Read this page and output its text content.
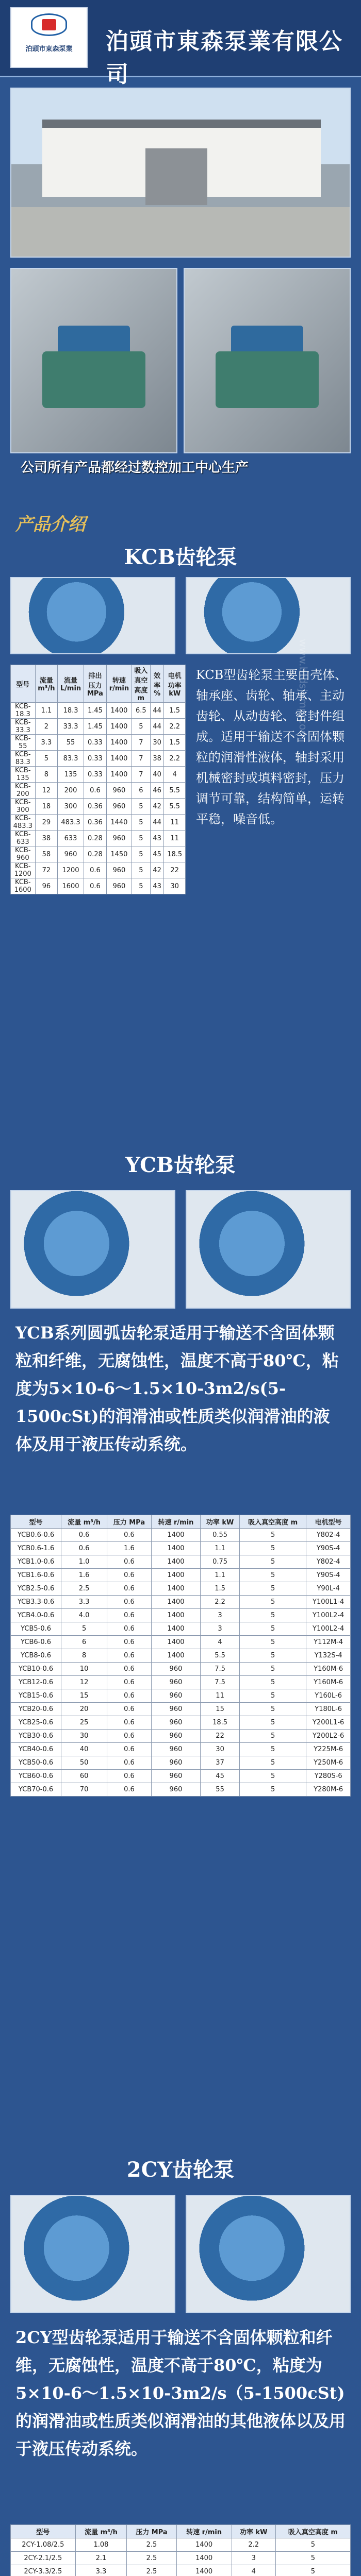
泊頭市東森泵業	泊頭市東森泵業有限公司
公司所有产品都经过数控加工中心生产
产品介绍
KCB齿轮泵
型号	流量 m³/h	流量 L/min	排出压力 MPa	转速 r/min	吸入真空高度 m	效率 %	电机功率 kW
KCB-18.3	1.1	18.3	1.45	1400	6.5	44	1.5
KCB-33.3	2	33.3	1.45	1400	5	44	2.2
KCB-55	3.3	55	0.33	1400	7	30	1.5
KCB-83.3	5	83.3	0.33	1400	7	38	2.2
KCB-135	8	135	0.33	1400	7	40	4
KCB-200	12	200	0.6	960	6	46	5.5
KCB-300	18	300	0.36	960	5	42	5.5
KCB-483.3	29	483.3	0.36	1440	5	44	11
KCB-633	38	633	0.28	960	5	43	11
KCB-960	58	960	0.28	1450	5	45	18.5
KCB-1200	72	1200	0.6	960	5	42	22
KCB-1600	96	1600	0.6	960	5	43	30
KCB型齿轮泵主要由壳体、轴承座、齿轮、轴承、主动齿轮、从动齿轮、密封件组成。适用于输送不含固体颗粒的润滑性液体，轴封采用机械密封或填料密封，压力调节可靠，结构简单，运转平稳，噪音低。
www.btdsjump.com
YCB齿轮泵
YCB系列圆弧齿轮泵适用于输送不含固体颗粒和纤维，无腐蚀性，温度不高于80℃，粘度为5×10-6～1.5×10-3m2/s(5-1500cSt)的润滑油或性质类似润滑油的液体及用于液压传动系统。
型号	流量 m³/h	压力 MPa	转速 r/min	功率 kW	吸入真空高度 m	电机型号
YCB0.6-0.6	0.6	0.6	1400	0.55	5	Y802-4
YCB0.6-1.6	0.6	1.6	1400	1.1	5	Y90S-4
YCB1.0-0.6	1.0	0.6	1400	0.75	5	Y802-4
YCB1.6-0.6	1.6	0.6	1400	1.1	5	Y90S-4
YCB2.5-0.6	2.5	0.6	1400	1.5	5	Y90L-4
YCB3.3-0.6	3.3	0.6	1400	2.2	5	Y100L1-4
YCB4.0-0.6	4.0	0.6	1400	3	5	Y100L2-4
YCB5-0.6	5	0.6	1400	3	5	Y100L2-4
YCB6-0.6	6	0.6	1400	4	5	Y112M-4
YCB8-0.6	8	0.6	1400	5.5	5	Y132S-4
YCB10-0.6	10	0.6	960	7.5	5	Y160M-6
YCB12-0.6	12	0.6	960	7.5	5	Y160M-6
YCB15-0.6	15	0.6	960	11	5	Y160L-6
YCB20-0.6	20	0.6	960	15	5	Y180L-6
YCB25-0.6	25	0.6	960	18.5	5	Y200L1-6
YCB30-0.6	30	0.6	960	22	5	Y200L2-6
YCB40-0.6	40	0.6	960	30	5	Y225M-6
YCB50-0.6	50	0.6	960	37	5	Y250M-6
YCB60-0.6	60	0.6	960	45	5	Y280S-6
YCB70-0.6	70	0.6	960	55	5	Y280M-6
2CY齿轮泵
2CY型齿轮泵适用于输送不含固体颗粒和纤维，无腐蚀性，温度不高于80℃，粘度为5×10-6～1.5×10-3m2/s（5-1500cSt)的润滑油或性质类似润滑油的其他液体以及用于液压传动系统。
型号	流量 m³/h	压力 MPa	转速 r/min	功率 kW	吸入真空高度 m
2CY-1.08/2.5	1.08	2.5	1400	2.2	5
2CY-2.1/2.5	2.1	2.5	1400	3	5
2CY-3.3/2.5	3.3	2.5	1400	4	5
